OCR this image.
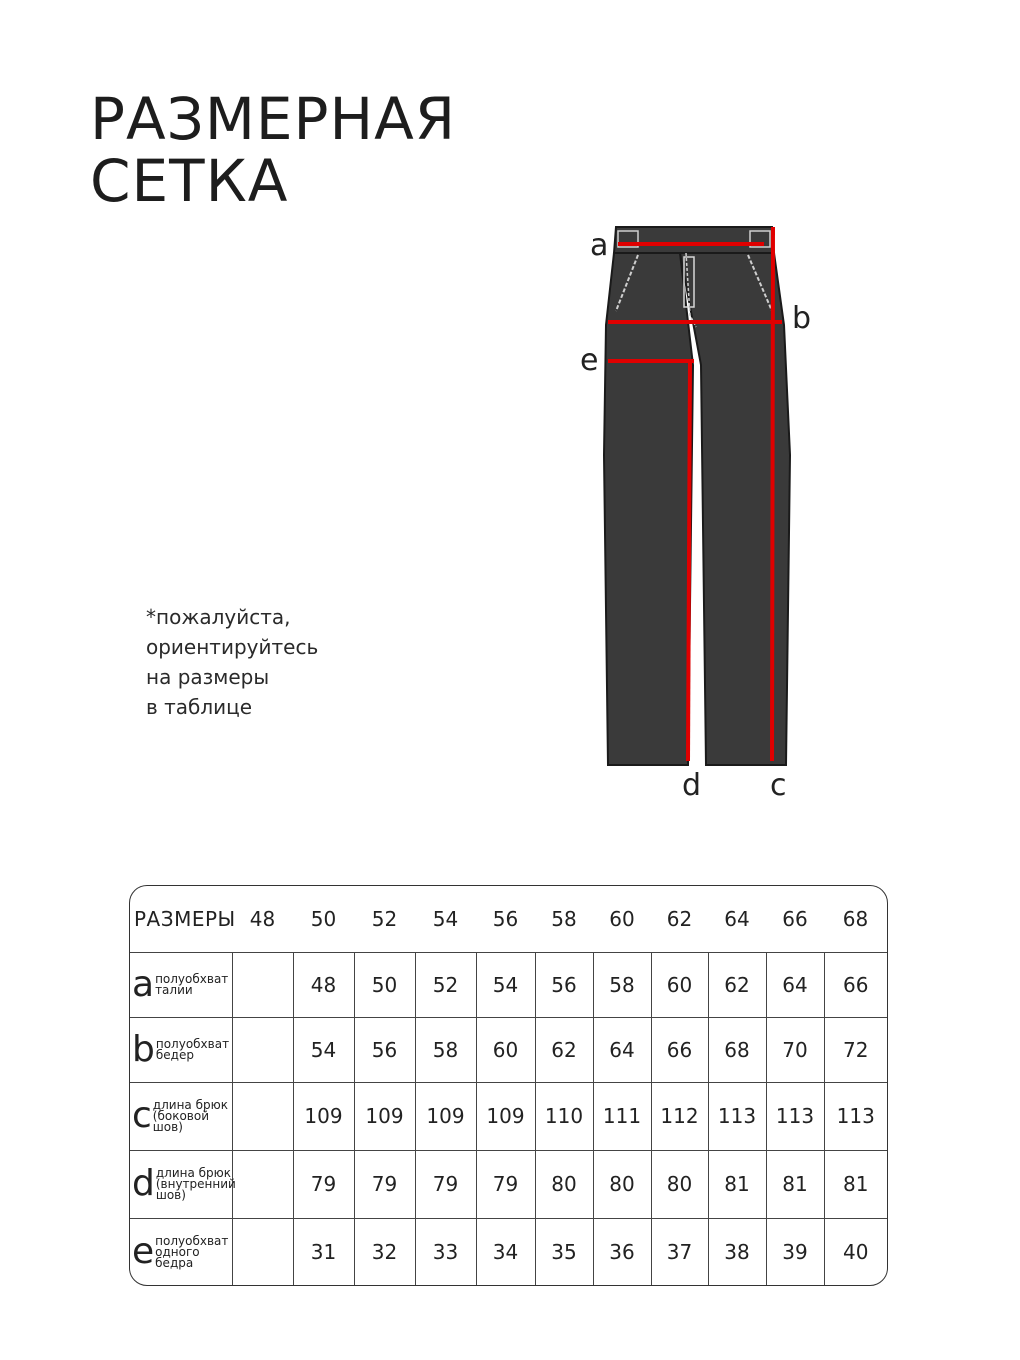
РАЗМЕРНАЯ
СЕТКА
*пожалуйста,
ориентируйтесь
на размеры
в таблице
a
b
e
d c
РАЗМЕРЫ	48	50	52	54	56	58	60	62	64	66	68

a полуобхват
талии		48	50	52	54	56	58	60	62	64	66

b полуобхват
бедер		54	56	58	60	62	64	66	68	70	72

c длина брюк
(боковой
шов)		109	109	109	109	110	111	112	113	113	113

d длина брюк
(внутренний
шов)		79	79	79	79	80	80	80	81	81	81

e полуобхват
одного
бедра		31	32	33	34	35	36	37	38	39	40
